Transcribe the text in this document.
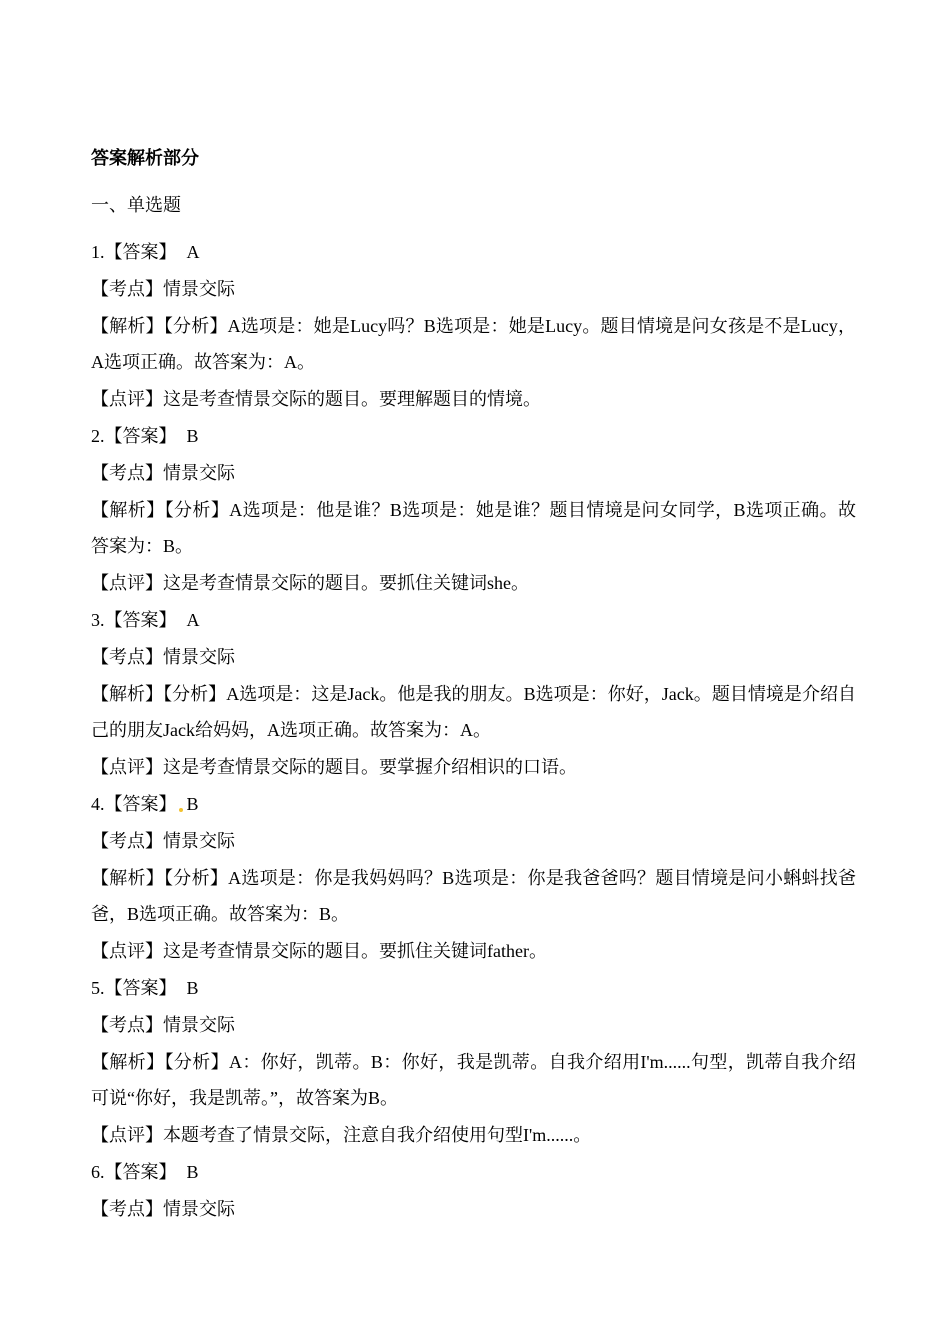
答案解析部分
一、单选题
1.【答案】 A
【考点】情景交际
【解析】【分析】A选项是：她是Lucy吗？B选项是：她是Lucy。题目情境是问女孩是不是Lucy，A选项正确。故答案为：A。
【点评】这是考查情景交际的题目。要理解题目的情境。
2.【答案】 B
【考点】情景交际
【解析】【分析】A选项是：他是谁？B选项是：她是谁？题目情境是问女同学，B选项正确。故答案为：B。
【点评】这是考查情景交际的题目。要抓住关键词she。
3.【答案】 A
【考点】情景交际
【解析】【分析】A选项是：这是Jack。他是我的朋友。B选项是：你好，Jack。题目情境是介绍自己的朋友Jack给妈妈，A选项正确。故答案为：A。
【点评】这是考查情景交际的题目。要掌握介绍相识的口语。
4.【答案】 B
【考点】情景交际
【解析】【分析】A选项是：你是我妈妈吗？B选项是：你是我爸爸吗？题目情境是问小蝌蚪找爸爸，B选项正确。故答案为：B。
【点评】这是考查情景交际的题目。要抓住关键词father。
5.【答案】 B
【考点】情景交际
【解析】【分析】A：你好，凯蒂。B：你好，我是凯蒂。自我介绍用I'm......句型，凯蒂自我介绍可说“你好，我是凯蒂。”，故答案为B。
【点评】本题考查了情景交际，注意自我介绍使用句型I'm......。
6.【答案】 B
【考点】情景交际
